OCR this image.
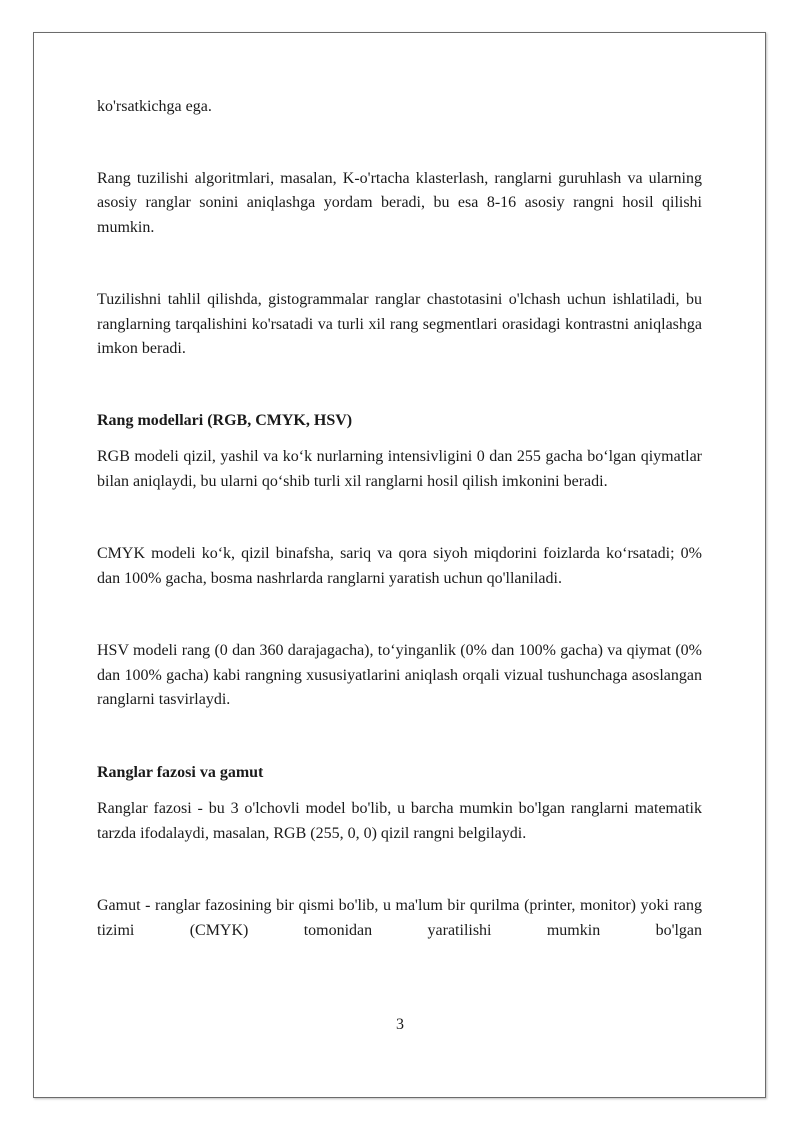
ko'rsatkichga ega.

Rang tuzilishi algoritmlari, masalan, K-o'rtacha klasterlash, ranglarni guruhlash va ularning asosiy ranglar sonini aniqlashga yordam beradi, bu esa 8-16 asosiy rangni hosil qilishi mumkin.

Tuzilishni tahlil qilishda, gistogrammalar ranglar chastotasini o'lchash uchun ishlatiladi, bu ranglarning tarqalishini ko'rsatadi va turli xil rang segmentlari orasidagi kontrastni aniqlashga imkon beradi.

Rang modellari (RGB, CMYK, HSV)

RGB modeli qizil, yashil va ko‘k nurlarning intensivligini 0 dan 255 gacha bo‘lgan qiymatlar bilan aniqlaydi, bu ularni qo‘shib turli xil ranglarni hosil qilish imkonini beradi.

CMYK modeli ko‘k, qizil binafsha, sariq va qora siyoh miqdorini foizlarda ko‘rsatadi; 0% dan 100% gacha, bosma nashrlarda ranglarni yaratish uchun qo'llaniladi.

HSV modeli rang (0 dan 360 darajagacha), to‘yinganlik (0% dan 100% gacha) va qiymat (0% dan 100% gacha) kabi rangning xususiyatlarini aniqlash orqali vizual tushunchaga asoslangan ranglarni tasvirlaydi.

Ranglar fazosi va gamut

Ranglar fazosi - bu 3 o'lchovli model bo'lib, u barcha mumkin bo'lgan ranglarni matematik tarzda ifodalaydi, masalan, RGB (255, 0, 0) qizil rangni belgilaydi.

Gamut - ranglar fazosining bir qismi bo'lib, u ma'lum bir qurilma (printer, monitor) yoki rang tizimi (CMYK) tomonidan yaratilishi mumkin bo'lgan

3
